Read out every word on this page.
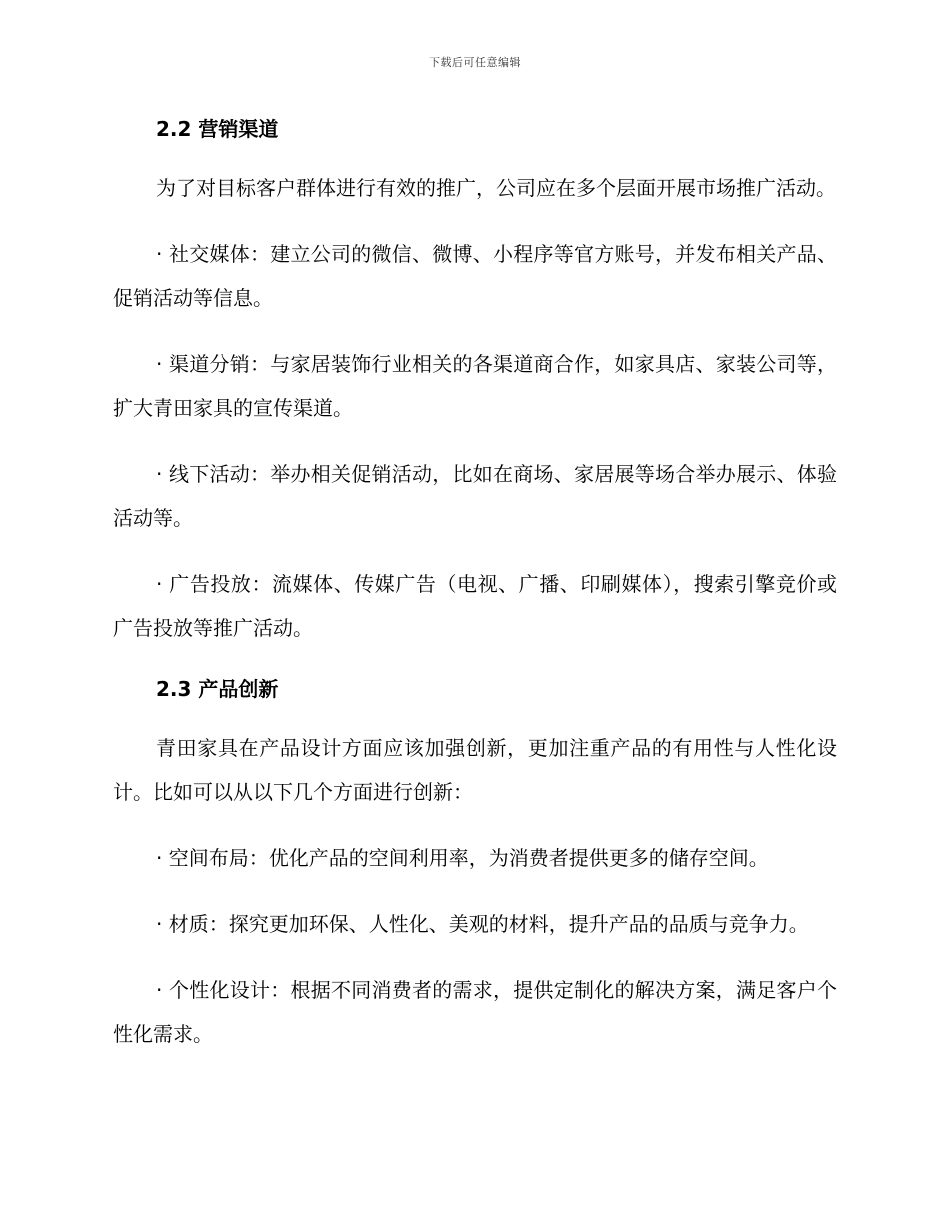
下载后可任意编辑
2.2 营销渠道

为了对目标客户群体进行有效的推广，公司应在多个层面开展市场推广活动。

· 社交媒体：建立公司的微信、微博、小程序等官方账号，并发布相关产品、促销活动等信息。

· 渠道分销：与家居装饰行业相关的各渠道商合作，如家具店、家装公司等，扩大青田家具的宣传渠道。

· 线下活动：举办相关促销活动，比如在商场、家居展等场合举办展示、体验活动等。

· 广告投放：流媒体、传媒广告（电视、广播、印刷媒体），搜索引擎竞价或广告投放等推广活动。

2.3 产品创新

青田家具在产品设计方面应该加强创新，更加注重产品的有用性与人性化设计。比如可以从以下几个方面进行创新：

· 空间布局：优化产品的空间利用率，为消费者提供更多的储存空间。

· 材质：探究更加环保、人性化、美观的材料，提升产品的品质与竞争力。

· 个性化设计：根据不同消费者的需求，提供定制化的解决方案，满足客户个性化需求。
